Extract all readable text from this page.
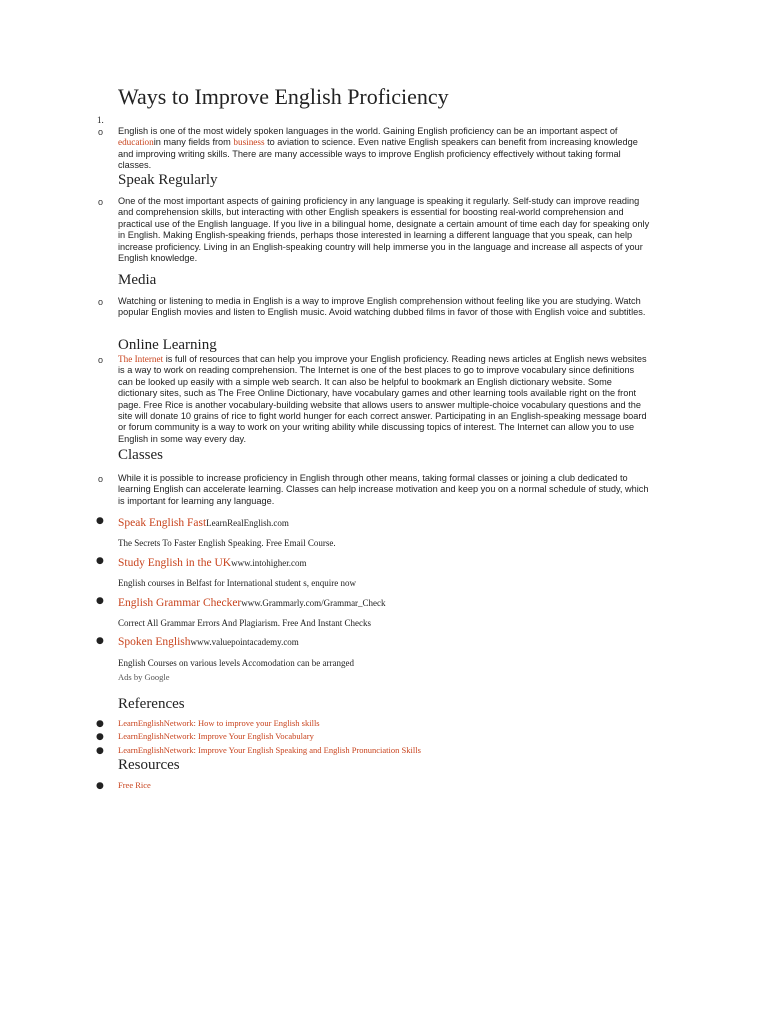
Ways to Improve English Proficiency
1.
o English is one of the most widely spoken languages in the world. Gaining English proficiency can be an important aspect of educationin many fields from business to aviation to science. Even native English speakers can benefit from increasing knowledge and improving writing skills. There are many accessible ways to improve English proficiency effectively without taking formal classes.

Speak Regularly
o One of the most important aspects of gaining proficiency in any language is speaking it regularly. Self-study can improve reading and comprehension skills, but interacting with other English speakers is essential for boosting real-world comprehension and practical use of the English language. If you live in a bilingual home, designate a certain amount of time each day for speaking only in English. Making English-speaking friends, perhaps those interested in learning a different language that you speak, can help increase proficiency. Living in an English-speaking country will help immerse you in the language and increase all aspects of your English knowledge.

Media
o Watching or listening to media in English is a way to improve English comprehension without feeling like you are studying. Watch popular English movies and listen to English music. Avoid watching dubbed films in favor of those with English voice and subtitles.

Online Learning
o The Internet is full of resources that can help you improve your English proficiency. Reading news articles at English news websites is a way to work on reading comprehension. The Internet is one of the best places to go to improve vocabulary since definitions can be looked up easily with a simple web search. It can also be helpful to bookmark an English dictionary website. Some dictionary sites, such as The Free Online Dictionary, have vocabulary games and other learning tools available right on the front page. Free Rice is another vocabulary-building website that allows users to answer multiple-choice vocabulary questions and the site will donate 10 grains of rice to fight world hunger for each correct answer. Participating in an English-speaking message board or forum community is a way to work on your writing ability while discussing topics of interest. The Internet can allow you to use English in some way every day.

Classes
o While it is possible to increase proficiency in English through other means, taking formal classes or joining a club dedicated to learning English can accelerate learning. Classes can help increase motivation and keep you on a normal schedule of study, which is important for learning any language.

● Speak English FastLearnRealEnglish.com
The Secrets To Faster English Speaking. Free Email Course.
● Study English in the UKwww.intohigher.com
English courses in Belfast for International student s, enquire now
● English Grammar Checkerwww.Grammarly.com/Grammar_Check
Correct All Grammar Errors And Plagiarism. Free And Instant Checks
● Spoken Englishwww.valuepointacademy.com
English Courses on various levels Accomodation can be arranged
Ads by Google
References
● LearnEnglishNetwork: How to improve your English skills
● LearnEnglishNetwork: Improve Your English Vocabulary
● LearnEnglishNetwork: Improve Your English Speaking and English Pronunciation Skills
Resources
● Free Rice
